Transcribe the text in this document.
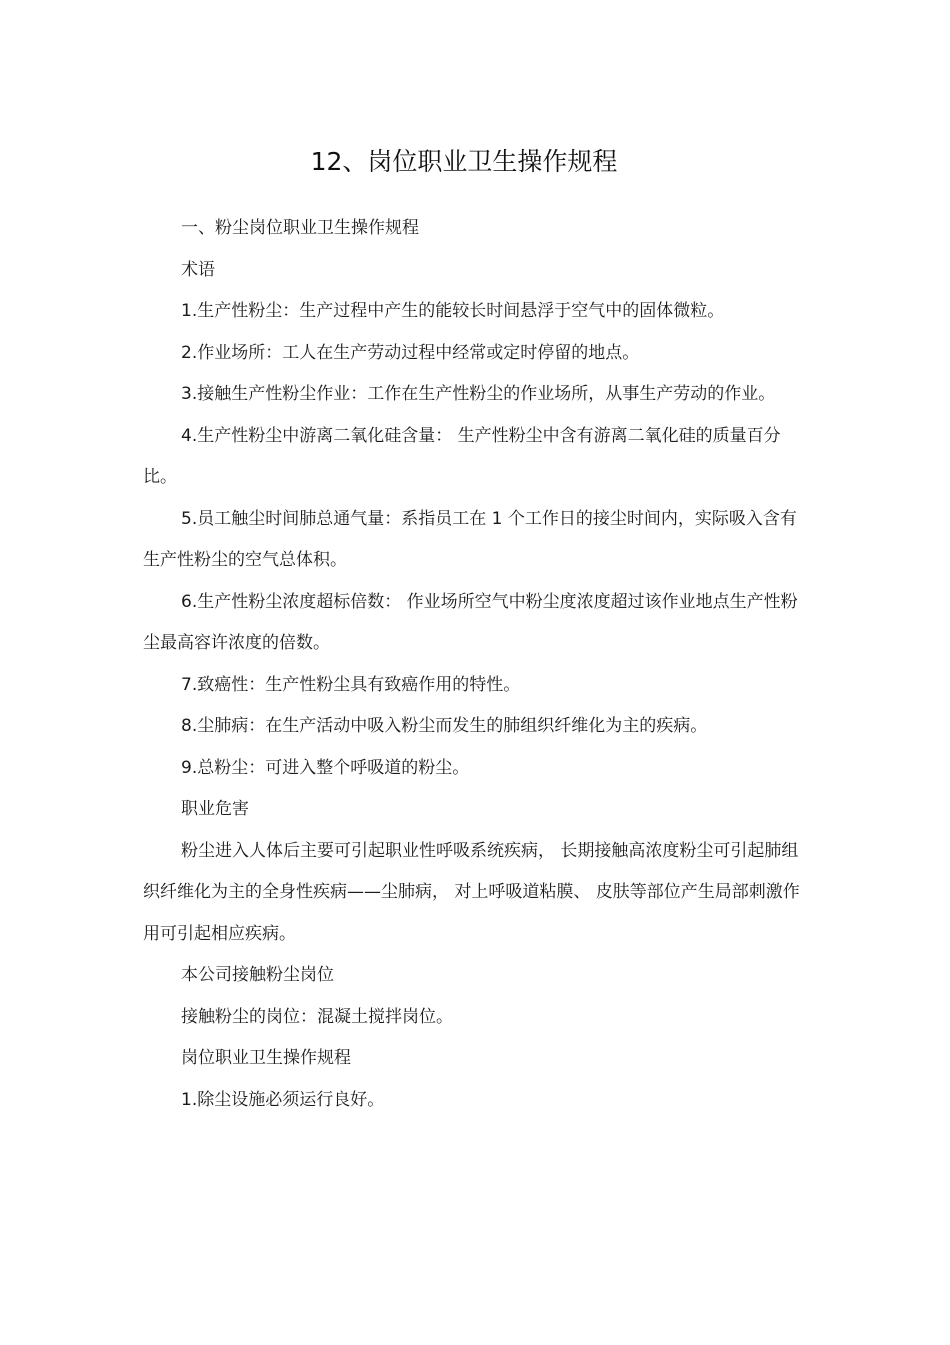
12、岗位职业卫生操作规程

一、粉尘岗位职业卫生操作规程

术语

1.生产性粉尘：生产过程中产生的能较长时间悬浮于空气中的固体微粒。

2.作业场所：工人在生产劳动过程中经常或定时停留的地点。

3.接触生产性粉尘作业：工作在生产性粉尘的作业场所，从事生产劳动的作业。

4.生产性粉尘中游离二氧化硅含量： 生产性粉尘中含有游离二氧化硅的质量百分比。

5.员工触尘时间肺总通气量：系指员工在 1 个工作日的接尘时间内，实际吸入含有生产性粉尘的空气总体积。

6.生产性粉尘浓度超标倍数： 作业场所空气中粉尘度浓度超过该作业地点生产性粉尘最高容许浓度的倍数。

7.致癌性：生产性粉尘具有致癌作用的特性。

8.尘肺病：在生产活动中吸入粉尘而发生的肺组织纤维化为主的疾病。

9.总粉尘：可进入整个呼吸道的粉尘。

职业危害

粉尘进入人体后主要可引起职业性呼吸系统疾病， 长期接触高浓度粉尘可引起肺组织纤维化为主的全身性疾病——尘肺病， 对上呼吸道粘膜、 皮肤等部位产生局部刺激作用可引起相应疾病。

本公司接触粉尘岗位

接触粉尘的岗位：混凝土搅拌岗位。

岗位职业卫生操作规程

1.除尘设施必须运行良好。
